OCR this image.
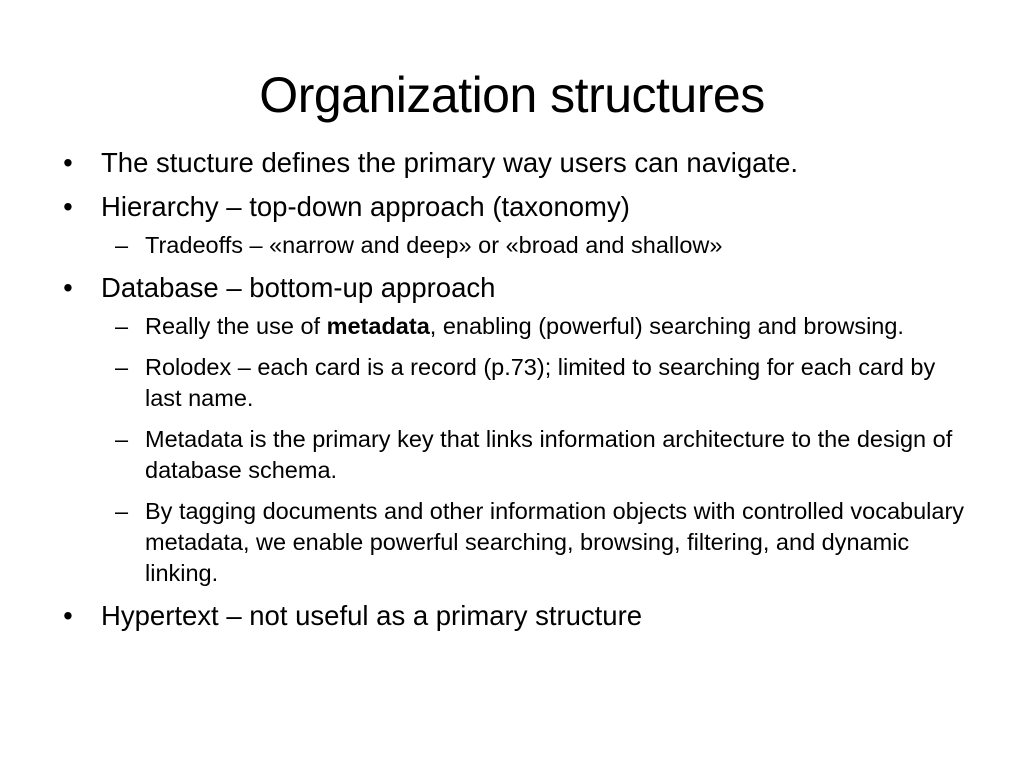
Organization structures
• The stucture defines the primary way users can navigate.
• Hierarchy – top-down approach (taxonomy)
– Tradeoffs – «narrow and deep» or «broad and shallow»
• Database – bottom-up approach
– Really the use of metadata, enabling (powerful) searching and browsing.
– Rolodex – each card is a record (p.73); limited to searching for each card by last name.
– Metadata is the primary key that links information architecture to the design of database schema.
– By tagging documents and other information objects with controlled vocabulary metadata, we enable powerful searching, browsing, filtering, and dynamic linking.
• Hypertext – not useful as a primary structure
